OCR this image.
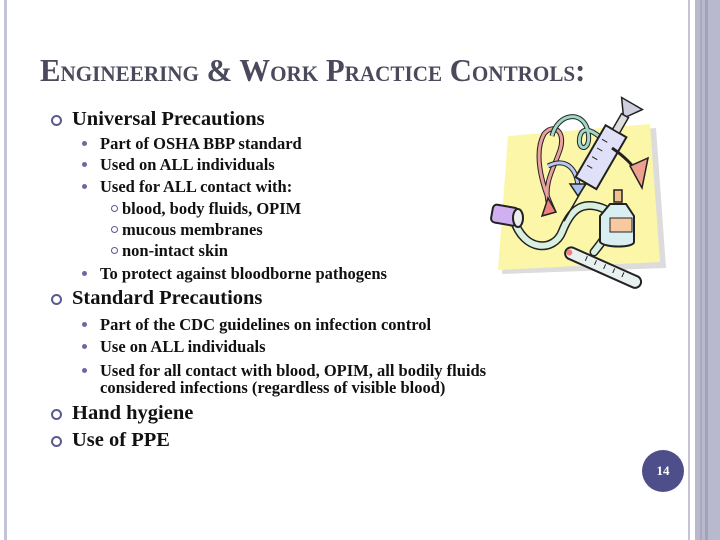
Engineering & Work Practice Controls:
Universal Precautions
Part of OSHA BBP standard
Used on ALL individuals
Used for ALL contact with:
blood, body fluids, OPIM
mucous membranes
non-intact skin
To protect against bloodborne pathogens
Standard Precautions
Part of the CDC guidelines on infection control
Use on ALL individuals
Used for all contact with blood, OPIM, all bodily fluids
considered infections (regardless of visible blood)
Hand hygiene
Use of PPE
14
